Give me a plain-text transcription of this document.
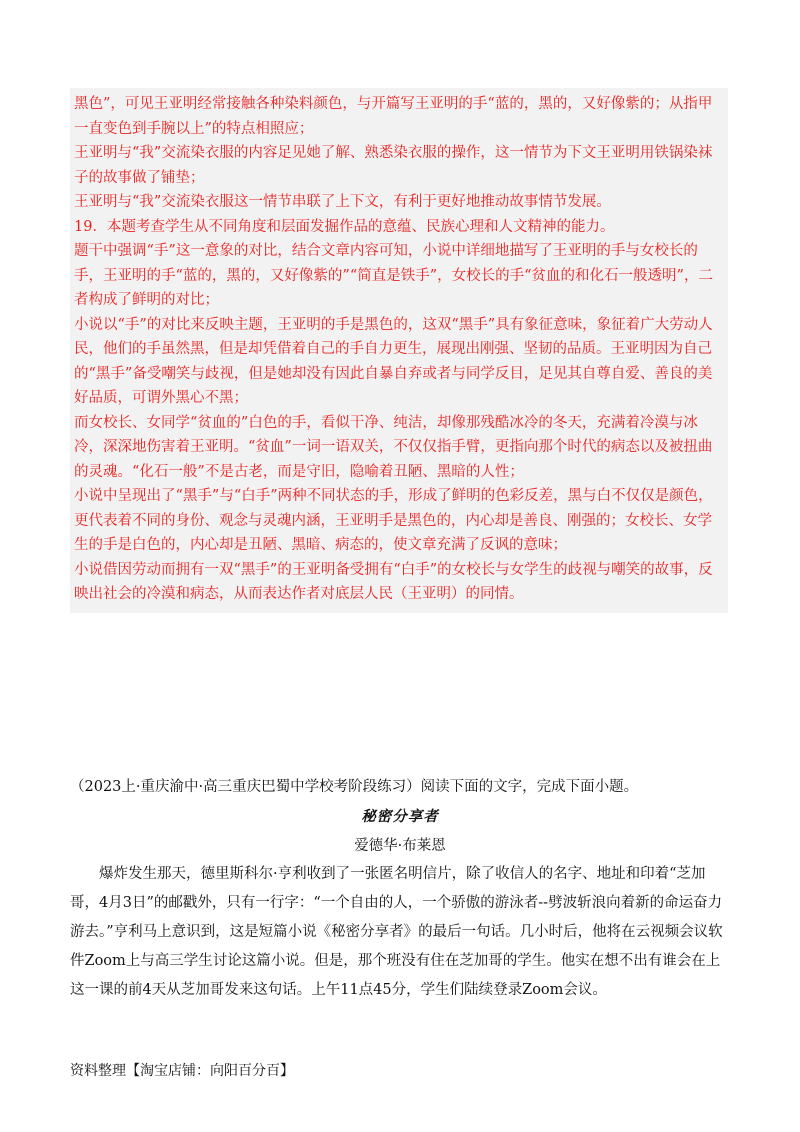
黑色”，可见王亚明经常接触各种染料颜色，与开篇写王亚明的手“蓝的，黑的，又好像紫的；从指甲一直变色到手腕以上”的特点相照应；

王亚明与“我”交流染衣服的内容足见她了解、熟悉染衣服的操作，这一情节为下文王亚明用铁锅染袜子的故事做了铺垫；

王亚明与“我”交流染衣服这一情节串联了上下文，有利于更好地推动故事情节发展。

19．本题考查学生从不同角度和层面发掘作品的意蕴、民族心理和人文精神的能力。

题干中强调“手”这一意象的对比，结合文章内容可知，小说中详细地描写了王亚明的手与女校长的手，王亚明的手“蓝的，黑的，又好像紫的”“简直是铁手”，女校长的手“贫血的和化石一般透明”，二者构成了鲜明的对比；

小说以“手”的对比来反映主题，王亚明的手是黑色的，这双“黑手”具有象征意味，象征着广大劳动人民，他们的手虽然黑，但是却凭借着自己的手自力更生，展现出刚强、坚韧的品质。王亚明因为自己的“黑手”备受嘲笑与歧视，但是她却没有因此自暴自弃或者与同学反目，足见其自尊自爱、善良的美好品质，可谓外黑心不黑；

而女校长、女同学“贫血的”白色的手，看似干净、纯洁，却像那残酷冰冷的冬天，充满着冷漠与冰冷，深深地伤害着王亚明。“贫血”一词一语双关，不仅仅指手臂，更指向那个时代的病态以及被扭曲的灵魂。“化石一般”不是古老，而是守旧，隐喻着丑陋、黑暗的人性；

小说中呈现出了“黑手”与“白手”两种不同状态的手，形成了鲜明的色彩反差，黑与白不仅仅是颜色，更代表着不同的身份、观念与灵魂内涵，王亚明手是黑色的，内心却是善良、刚强的；女校长、女学生的手是白色的，内心却是丑陋、黑暗、病态的，使文章充满了反讽的意味；

小说借因劳动而拥有一双“黑手”的王亚明备受拥有“白手”的女校长与女学生的歧视与嘲笑的故事，反映出社会的冷漠和病态，从而表达作者对底层人民（王亚明）的同情。

（2023上·重庆渝中·高三重庆巴蜀中学校考阶段练习）阅读下面的文字，完成下面小题。
秘密分享者
爱德华·布莱恩

爆炸发生那天，德里斯科尔·亨利收到了一张匿名明信片，除了收信人的名字、地址和印着“芝加哥，4月3日”的邮戳外，只有一行字：“一个自由的人，一个骄傲的游泳者--劈波斩浪向着新的命运奋力游去。”亨利马上意识到，这是短篇小说《秘密分享者》的最后一句话。几小时后，他将在云视频会议软件Zoom上与高三学生讨论这篇小说。但是，那个班没有住在芝加哥的学生。他实在想不出有谁会在上这一课的前4天从芝加哥发来这句话。上午11点45分，学生们陆续登录Zoom会议。

资料整理【淘宝店铺：向阳百分百】
